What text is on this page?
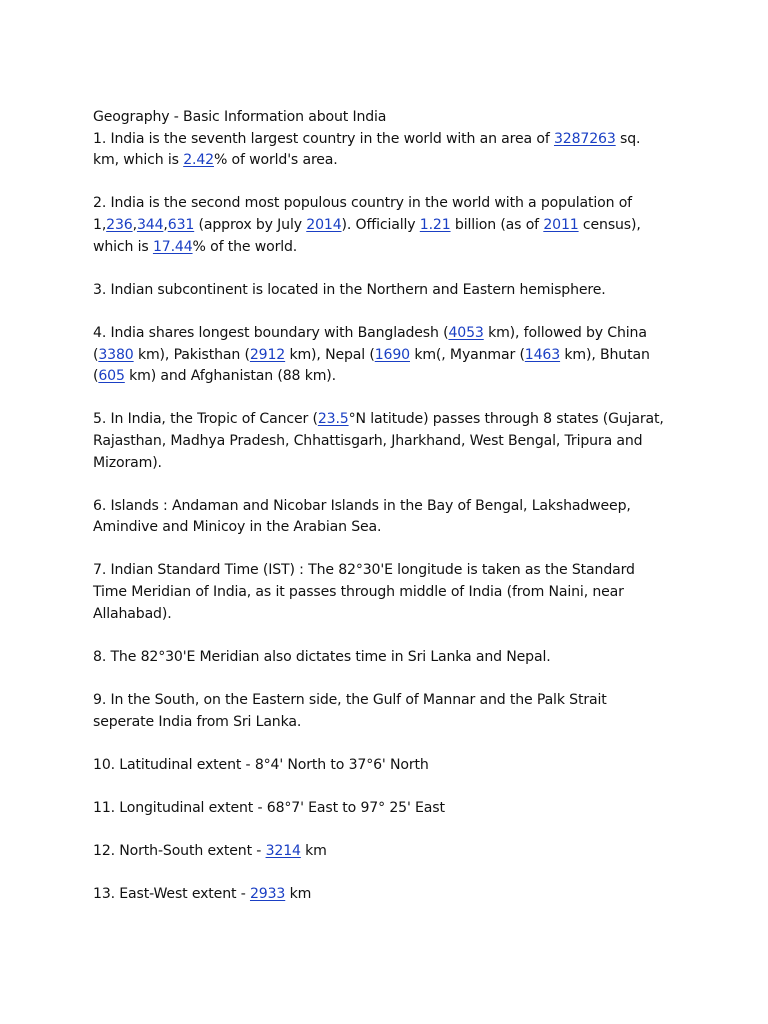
Geography - Basic Information about India
1. India is the seventh largest country in the world with an area of 3287263 sq.
km, which is 2.42% of world's area.
2. India is the second most populous country in the world with a population of
1,236,344,631 (approx by July 2014). Officially 1.21 billion (as of 2011 census),
which is 17.44% of the world.
3. Indian subcontinent is located in the Northern and Eastern hemisphere.
4. India shares longest boundary with Bangladesh (4053 km), followed by China
(3380 km), Pakisthan (2912 km), Nepal (1690 km(, Myanmar (1463 km), Bhutan
(605 km) and Afghanistan (88 km).
5. In India, the Tropic of Cancer (23.5°N latitude) passes through 8 states (Gujarat,
Rajasthan, Madhya Pradesh, Chhattisgarh, Jharkhand, West Bengal, Tripura and
Mizoram).
6. Islands : Andaman and Nicobar Islands in the Bay of Bengal, Lakshadweep,
Amindive and Minicoy in the Arabian Sea.
7. Indian Standard Time (IST) : The 82°30'E longitude is taken as the Standard
Time Meridian of India, as it passes through middle of India (from Naini, near
Allahabad).
8. The 82°30'E Meridian also dictates time in Sri Lanka and Nepal.
9. In the South, on the Eastern side, the Gulf of Mannar and the Palk Strait
seperate India from Sri Lanka.
10. Latitudinal extent - 8°4' North to 37°6' North
11. Longitudinal extent - 68°7' East to 97° 25' East
12. North-South extent - 3214 km
13. East-West extent - 2933 km
